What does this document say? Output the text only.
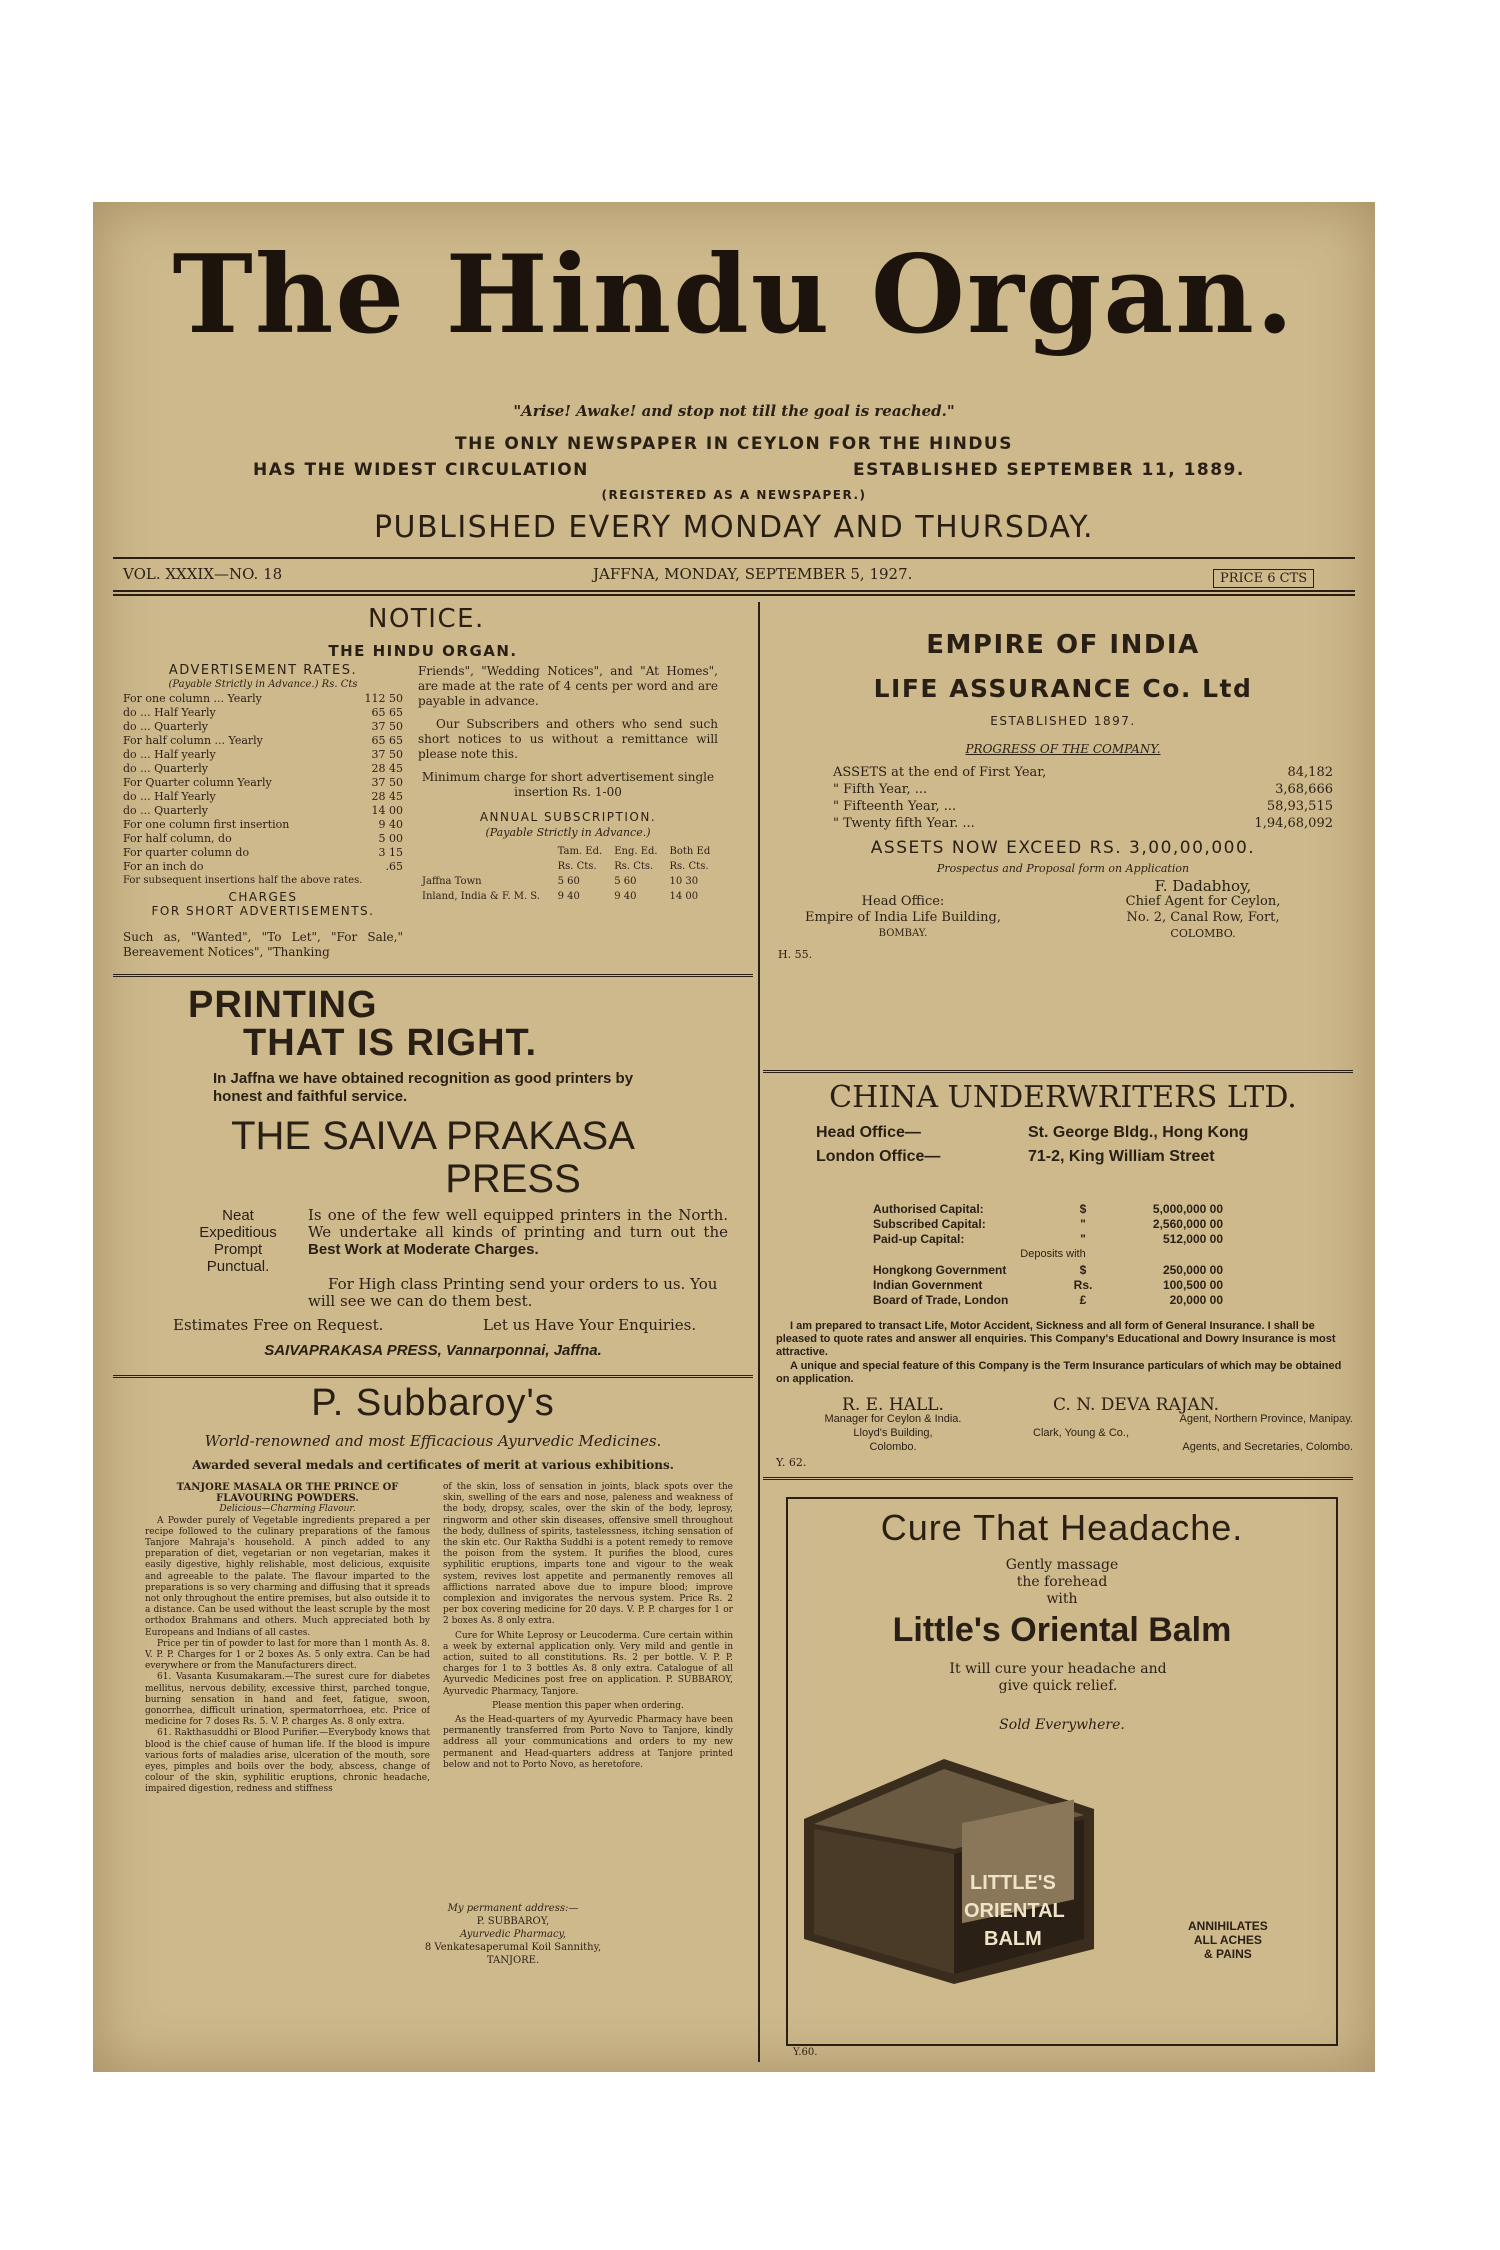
The Hindu Organ.
"Arise! Awake! and stop not till the goal is reached."
THE ONLY NEWSPAPER IN CEYLON FOR THE HINDUS
HAS THE WIDEST CIRCULATION	ESTABLISHED SEPTEMBER 11, 1889.
(REGISTERED AS A NEWSPAPER.)
PUBLISHED EVERY MONDAY AND THURSDAY.
VOL. XXXIX—NO. 18	JAFFNA, MONDAY, SEPTEMBER 5, 1927.	PRICE 6 CTS
NOTICE.
THE HINDU ORGAN.
ADVERTISEMENT RATES.
(Payable Strictly in Advance.) Rs. Cts
For one column ... Yearly	112 50
do ... Half Yearly	65 65
do ... Quarterly	37 50
For half column ... Yearly	65 65
do ... Half yearly	37 50
do ... Quarterly	28 45
For Quarter column Yearly	37 50
do ... Half Yearly	28 45
do ... Quarterly	14 00
For one column first insertion	9 40
For half column, do	5 00
For quarter column do	3 15
For an inch do	.65
For subsequent insertions half the above rates.
CHARGES
FOR SHORT ADVERTISEMENTS.
Such as, "Wanted", "To Let", "For Sale," Bereavement Notices", "Thanking
Friends", "Wedding Notices", and "At Homes", are made at the rate of 4 cents per word and are payable in advance.
Our Subscribers and others who send such short notices to us without a remittance will please note this.
Minimum charge for short advertisement single insertion Rs. 1-00
ANNUAL SUBSCRIPTION.
(Payable Strictly in Advance.)
	Tam. Ed.	Eng. Ed.	Both Ed
	Rs. Cts.	Rs. Cts.	Rs. Cts.
Jaffna Town	5 60	5 60	10 30
Inland, India & F. M. S.	9 40	9 40	14 00
EMPIRE OF INDIA
LIFE ASSURANCE Co. Ltd
ESTABLISHED 1897.
PROGRESS OF THE COMPANY.
ASSETS at the end of First Year,	84,182
" Fifth Year, ...	3,68,666
" Fifteenth Year, ...	58,93,515
" Twenty fifth Year. ...	1,94,68,092
ASSETS NOW EXCEED RS. 3,00,00,000.
Prospectus and Proposal form on Application
Head Office:
Empire of India Life Building,
BOMBAY.
H. 55.
F. Dadabhoy,
Chief Agent for Ceylon,
No. 2, Canal Row, Fort,
COLOMBO.
PRINTING
THAT IS RIGHT.
In Jaffna we have obtained recognition as good printers by honest and faithful service.
THE SAIVA PRAKASA
PRESS
Neat
Expeditious
Prompt
Punctual.
Is one of the few well equipped printers in the North. We undertake all kinds of printing and turn out the Best Work at Moderate Charges.
For High class Printing send your orders to us. You will see we can do them best.
Estimates Free on Request.	Let us Have Your Enquiries.
SAIVAPRAKASA PRESS, Vannarponnai, Jaffna.
P. Subbaroy's
World-renowned and most Efficacious Ayurvedic Medicines.
Awarded several medals and certificates of merit at various exhibitions.
TANJORE MASALA OR THE PRINCE OF FLAVOURING POWDERS.
Delicious—Charming Flavour.
A Powder purely of Vegetable ingredients prepared a per recipe followed to the culinary preparations of the famous Tanjore Mahraja's household. A pinch added to any preparation of diet, vegetarian or non vegetarian, makes it easily digestive, highly relishable, most delicious, exquisite and agreeable to the palate. The flavour imparted to the preparations is so very charming and diffusing that it spreads not only throughout the entire premises, but also outside it to a distance. Can be used without the least scruple by the most orthodox Brahmans and others. Much appreciated both by Europeans and Indians of all castes.
Price per tin of powder to last for more than 1 month As. 8. V. P. P. Charges for 1 or 2 boxes As. 5 only extra. Can be had everywhere or from the Manufacturers direct.
61. Vasanta Kusumakaram.—The surest cure for diabetes mellitus, nervous debility, excessive thirst, parched tongue, burning sensation in hand and feet, fatigue, swoon, gonorrhea, difficult urination, spermatorrhoea, etc. Price of medicine for 7 doses Rs. 5. V. P. charges As. 8 only extra.
61. Rakthasuddhi or Blood Purifier.—Everybody knows that blood is the chief cause of human life. If the blood is impure various forts of maladies arise, ulceration of the mouth, sore eyes, pimples and boils over the body, abscess, change of colour of the skin, syphilitic eruptions, chronic headache, impaired digestion, redness and stiffness
of the skin, loss of sensation in joints, black spots over the skin, swelling of the ears and nose, paleness and weakness of the body, dropsy, scales, over the skin of the body, leprosy, ringworm and other skin diseases, offensive smell throughout the body, dullness of spirits, tastelessness, itching sensation of the skin etc. Our Raktha Suddhi is a potent remedy to remove the poison from the system. It purifies the blood, cures syphilitic eruptions, imparts tone and vigour to the weak system, revives lost appetite and permanently removes all afflictions narrated above due to impure blood; improve complexion and invigorates the nervous system. Price Rs. 2 per box covering medicine for 20 days. V. P. P. charges for 1 or 2 boxes As. 8 only extra.
Cure for White Leprosy or Leucoderma. Cure certain within a week by external application only. Very mild and gentle in action, suited to all constitutions. Rs. 2 per bottle. V. P. P. charges for 1 to 3 bottles As. 8 only extra. Catalogue of all Ayurvedic Medicines post free on application. P. SUBBAROY, Ayurvedic Pharmacy, Tanjore.
Please mention this paper when ordering.
As the Head-quarters of my Ayurvedic Pharmacy have been permanently transferred from Porto Novo to Tanjore, kindly address all your communications and orders to my new permanent and Head-quarters address at Tanjore printed below and not to Porto Novo, as heretofore.
My permanent address:—
P. SUBBAROY,
Ayurvedic Pharmacy,
8 Venkatesaperumal Koil Sannithy,
TANJORE.
CHINA UNDERWRITERS LTD.
Head Office—	St. George Bldg., Hong Kong
London Office—	71-2, King William Street
Authorised Capital:	$	5,000,000 00
Subscribed Capital:	"	2,560,000 00
Paid-up Capital:	"	512,000 00
Deposits with
Hongkong Government	$	250,000 00
Indian Government	Rs.	100,500 00
Board of Trade, London	£	20,000 00
I am prepared to transact Life, Motor Accident, Sickness and all form of General Insurance. I shall be pleased to quote rates and answer all enquiries. This Company's Educational and Dowry Insurance is most attractive.
A unique and special feature of this Company is the Term Insurance particulars of which may be obtained on application.
R. E. HALL.
Manager for Ceylon & India.
Lloyd's Building,
Colombo.
Y. 62.
C. N. DEVA RAJAN.
Agent, Northern Province, Manipay.
Clark, Young & Co.,
Agents, and Secretaries, Colombo.
Cure That Headache.
Gently massage
the forehead
with
Little's Oriental Balm
It will cure your headache and give quick relief.
Sold Everywhere.
LITTLE'S
ORIENTAL
BALM
ANNIHILATES
ALL ACHES
& PAINS
Y.60.
